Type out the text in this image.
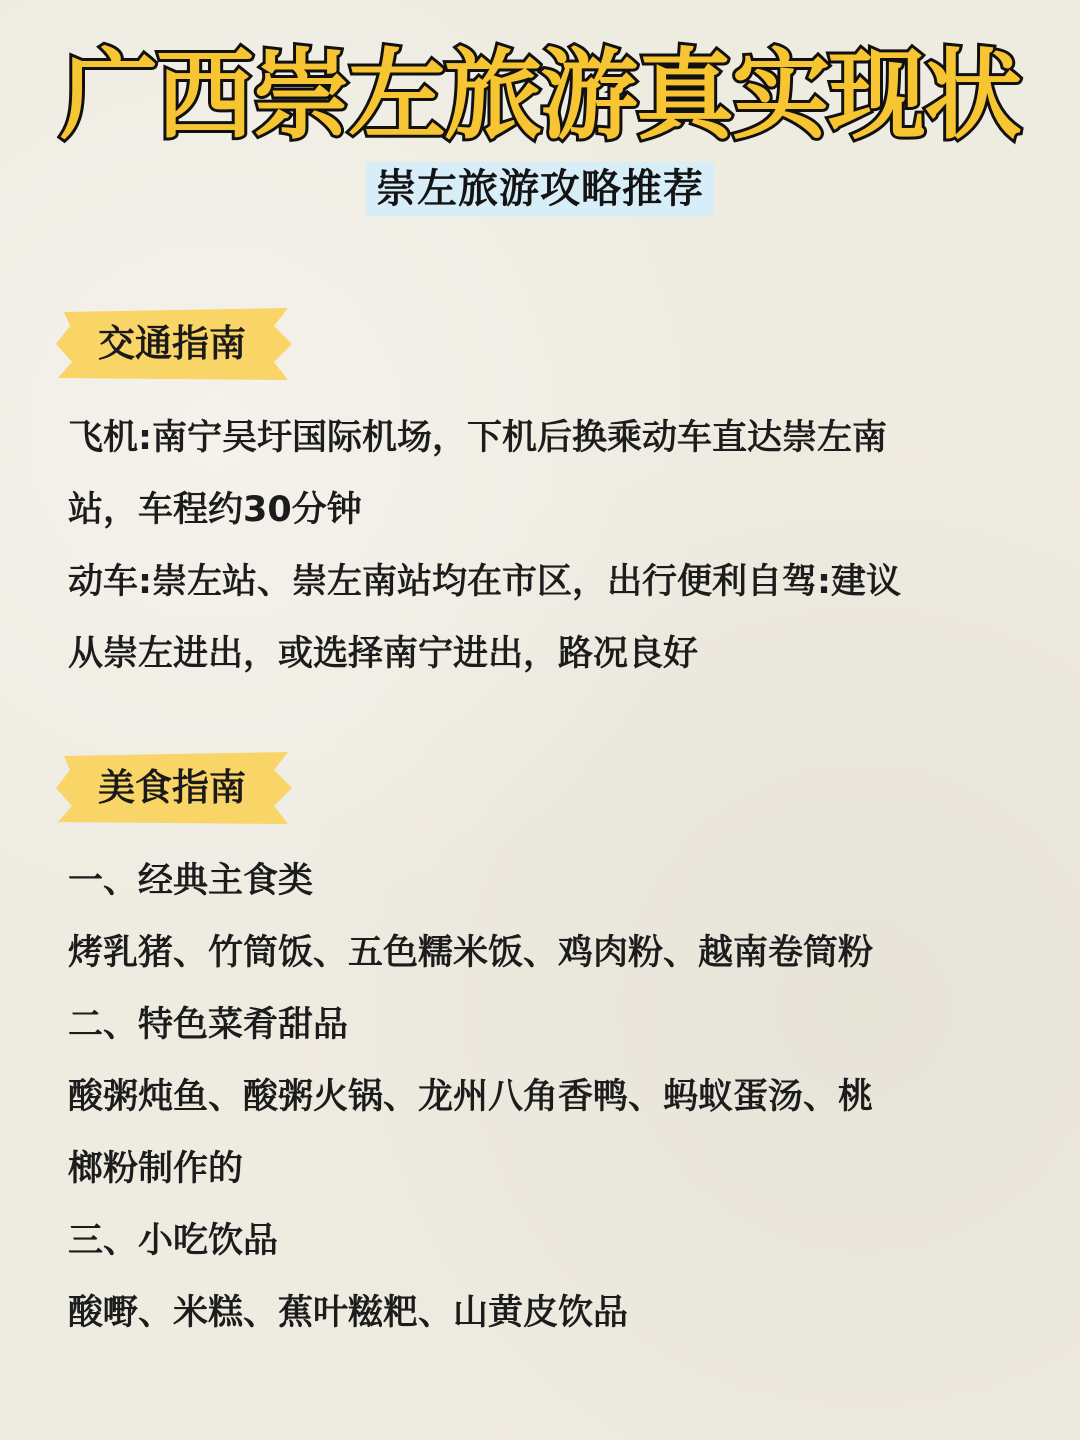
广西崇左旅游真实现状
崇左旅游攻略推荐
交通指南

飞机:南宁吴圩国际机场，下机后换乘动车直达崇左南

站，车程约30分钟

动车:崇左站、崇左南站均在市区，出行便利自驾:建议

从崇左进出，或选择南宁进出，路况良好

美食指南

一、经典主食类

烤乳猪、竹筒饭、五色糯米饭、鸡肉粉、越南卷筒粉

二、特色菜肴甜品

酸粥炖鱼、酸粥火锅、龙州八角香鸭、蚂蚁蛋汤、桃

榔粉制作的

三、小吃饮品

酸嘢、米糕、蕉叶糍粑、山黄皮饮品
